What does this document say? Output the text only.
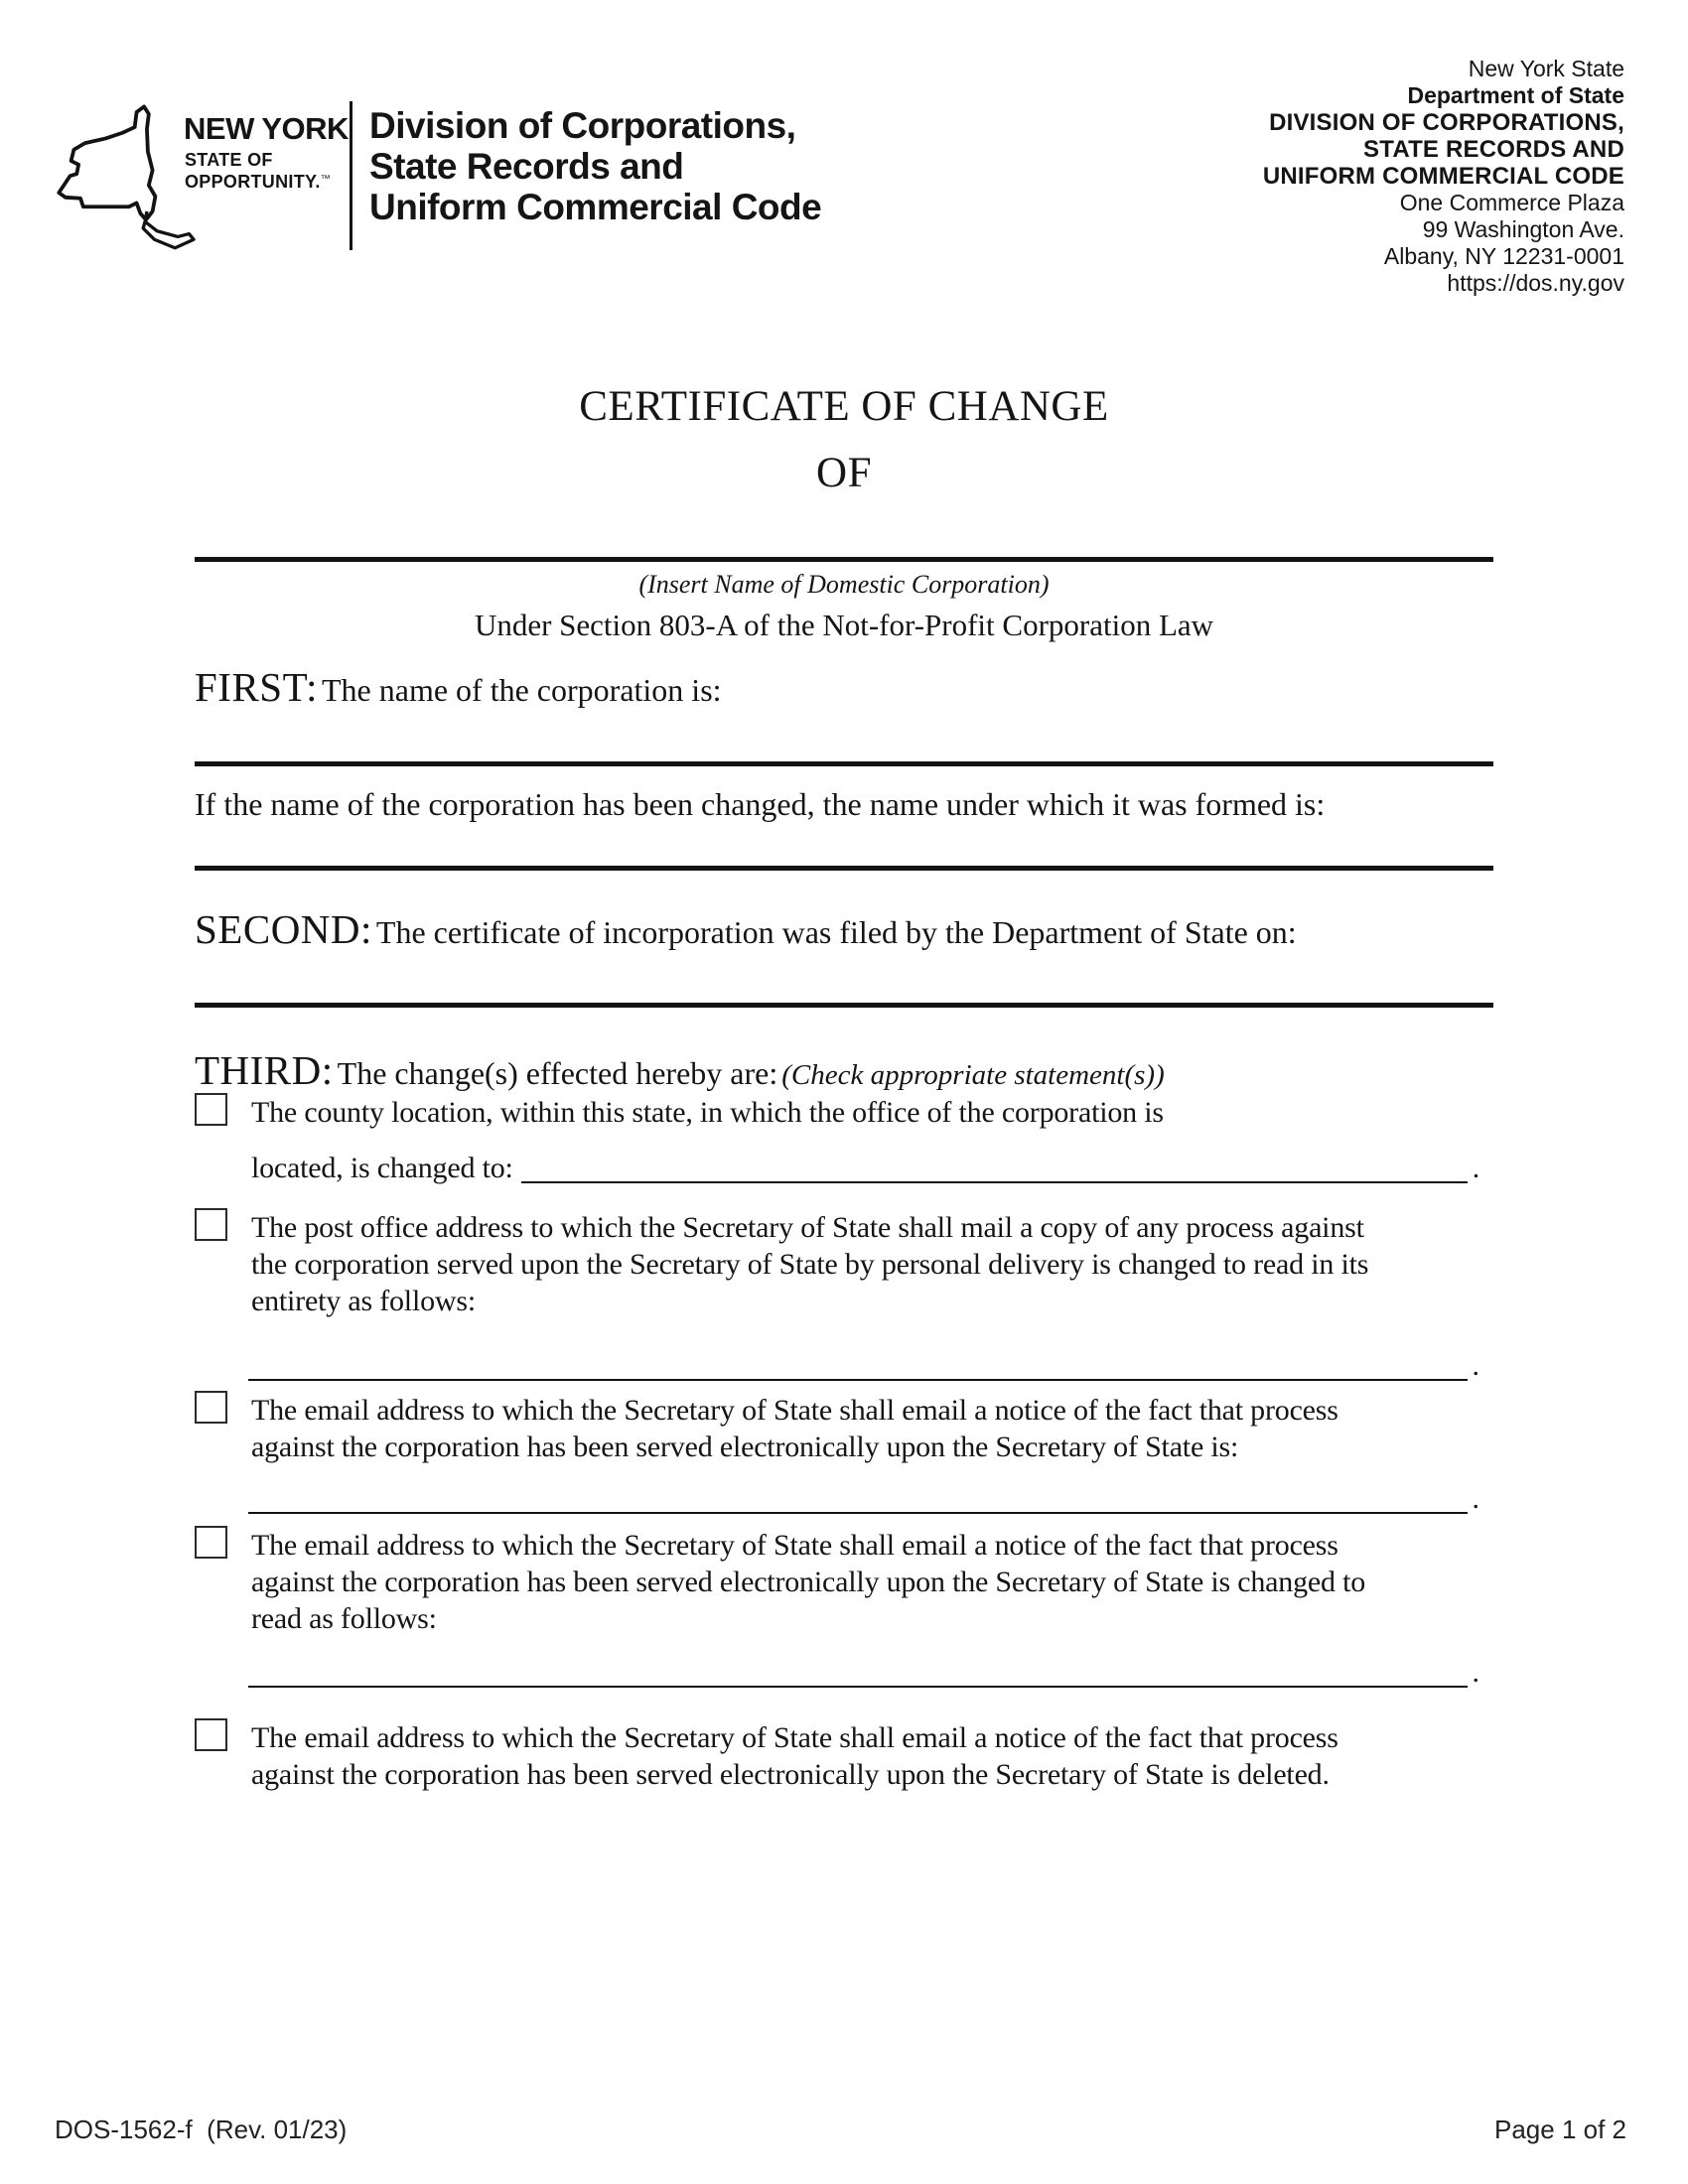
NEW YORK
STATE OF
OPPORTUNITY.™
Division of Corporations,
State Records and
Uniform Commercial Code
New York State
Department of State
DIVISION OF CORPORATIONS,
STATE RECORDS AND
UNIFORM COMMERCIAL CODE
One Commerce Plaza
99 Washington Ave.
Albany, NY 12231-0001
https://dos.ny.gov
CERTIFICATE OF CHANGE
OF
(Insert Name of Domestic Corporation)
Under Section 803-A of the Not-for-Profit Corporation Law
FIRST: The name of the corporation is:
If the name of the corporation has been changed, the name under which it was formed is:
SECOND: The certificate of incorporation was filed by the Department of State on:
THIRD: The change(s) effected hereby are: (Check appropriate statement(s))
The county location, within this state, in which the office of the corporation is
located, is changed to:	.
The post office address to which the Secretary of State shall mail a copy of any process against
the corporation served upon the Secretary of State by personal delivery is changed to read in its
entirety as follows:
.
The email address to which the Secretary of State shall email a notice of the fact that process
against the corporation has been served electronically upon the Secretary of State is:
.
The email address to which the Secretary of State shall email a notice of the fact that process
against the corporation has been served electronically upon the Secretary of State is changed to
read as follows:
.
The email address to which the Secretary of State shall email a notice of the fact that process
against the corporation has been served electronically upon the Secretary of State is deleted.
DOS-1562-f  (Rev. 01/23)	Page 1 of 2
